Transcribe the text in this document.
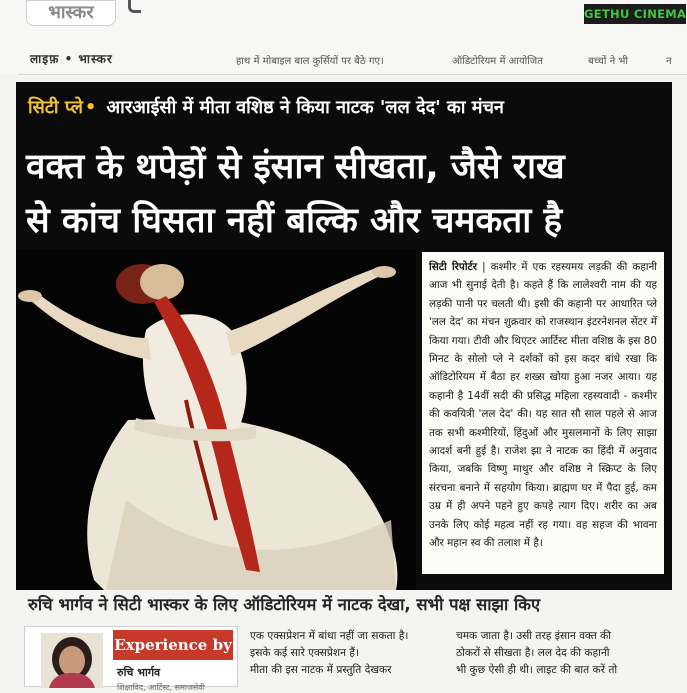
भास्कर	GETHU CINEMA
लाइफ़ • भास्कर	हाथ में मोबाइल बाल कुर्सियों पर बैठे गए।	ऑडिटोरियम में आयोजित	बच्चों ने भी	न
सिटी प्ले • आरआईसी में मीता वशिष्ठ ने किया नाटक 'लल देद' का मंचन
वक्त के थपेड़ों से इंसान सीखता, जैसे राख
से कांच घिसता नहीं बल्कि और चमकता है
सिटी रिपोर्टर | कश्मीर में एक रहस्यमय लड़की की कहानी आज भी सुनाई देती है। कहते हैं कि लालेश्वरी नाम की यह लड़की पानी पर चलती थी। इसी की कहानी पर आधारित प्ले 'लल देद' का मंचन शुक्रवार को राजस्थान इंटरनेशनल सेंटर में किया गया। टीवी और थिएटर आर्टिस्ट मीता वशिष्ठ के इस 80 मिनट के सोलो प्ले ने दर्शकों को इस कदर बांधे रखा कि ऑडिटोरियम में बैठा हर शख्स खोया हुआ नजर आया। यह कहानी है 14वीं सदी की प्रसिद्ध महिला रहस्यवादी - कश्मीर की कवयित्री 'लल देद' की। यह सात सौ साल पहले से आज तक सभी कश्मीरियों, हिंदुओं और मुसलमानों के लिए साझा आदर्श बनी हुई है। राजेश झा ने नाटक का हिंदी में अनुवाद किया, जबकि विष्णु माथुर और वशिष्ठ ने स्क्रिप्ट के लिए संरचना बनाने में सहयोग किया। ब्राह्मण घर में पैदा हुई, कम उम्र में ही अपने पहने हुए कपड़े त्याग दिए। शरीर का अब उनके लिए कोई महत्व नहीं रह गया। वह सहज की भावना और महान स्व की तलाश में है।
रुचि भार्गव ने सिटी भास्कर के लिए ऑडिटोरियम में नाटक देखा, सभी पक्ष साझा किए
Experience by
रुचि भार्गव
शिक्षाविद, आर्टिस्ट, समाजसेवी
एक एक्सप्रेशन में बांधा नहीं जा सकता है।
इसके कई सारे एक्सप्रेशन हैं।
मीता की इस नाटक में प्रस्तुति देखकर
चमक जाता है। उसी तरह इंसान वक्त की
ठोकरों से सीखता है। लल देद की कहानी
भी कुछ ऐसी ही थी। लाइट की बात करें तो
